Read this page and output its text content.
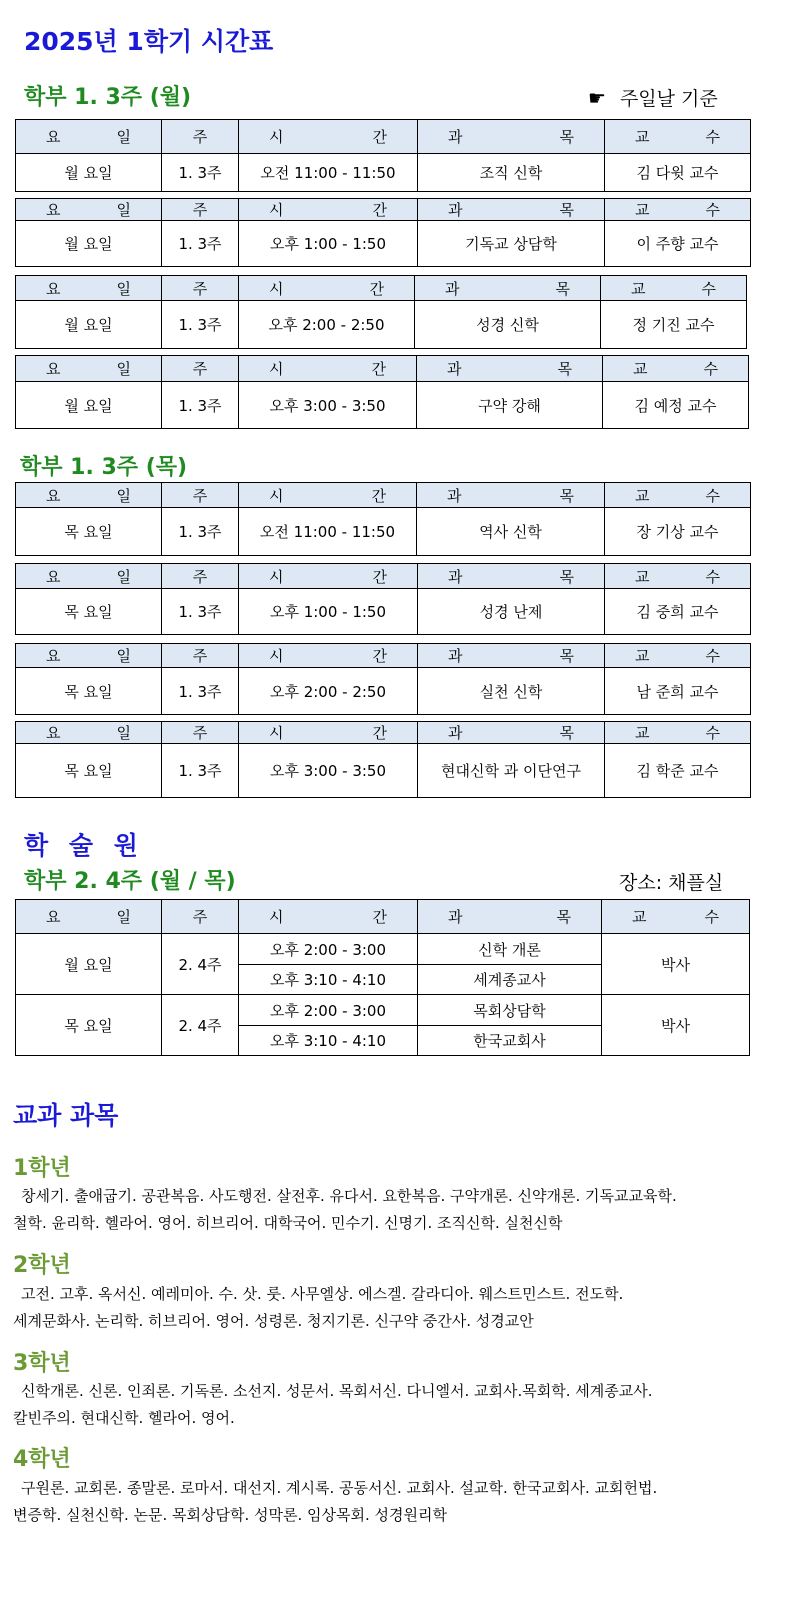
2025년 1학기 시간표
학부 1. 3주 (월)	☛ 주일날 기준
요 일	주	시 간	과 목	교 수

월 요일	1. 3주	오전 11:00 - 11:50	조직 신학	김 다윗 교수
요 일	주	시 간	과 목	교 수

월 요일	1. 3주	오후 1:00 - 1:50	기독교 상담학	이 주향 교수
요 일	주	시 간	과 목	교 수

월 요일	1. 3주	오후 2:00 - 2:50	성경 신학	정 기진 교수
요 일	주	시 간	과 목	교 수

월 요일	1. 3주	오후 3:00 - 3:50	구약 강해	김 예정 교수
학부 1. 3주 (목)
요 일	주	시 간	과 목	교 수

목 요일	1. 3주	오전 11:00 - 11:50	역사 신학	장 기상 교수
요 일	주	시 간	과 목	교 수

목 요일	1. 3주	오후 1:00 - 1:50	성경 난제	김 중희 교수
요 일	주	시 간	과 목	교 수

목 요일	1. 3주	오후 2:00 - 2:50	실천 신학	남 준희 교수
요 일	주	시 간	과 목	교 수

목 요일	1. 3주	오후 3:00 - 3:50	현대신학 과 이단연구	김 학준 교수
학 술 원
학부 2. 4주 (월 / 목)	장소: 채플실
요 일	주	시 간	과 목	교 수

월 요일	2. 4주	오후 2:00 - 3:00	신학 개론	박사
		오후 3:10 - 4:10	세계종교사	
목 요일	2. 4주	오후 2:00 - 3:00	목회상담학	박사
		오후 3:10 - 4:10	한국교회사	
교과 과목
1학년
창세기. 출애굽기. 공관복음. 사도행전. 살전후. 유다서. 요한복음. 구약개론. 신약개론. 기독교교육학.
철학. 윤리학. 헬라어. 영어. 히브리어. 대학국어. 민수기. 신명기. 조직신학. 실천신학
2학년
고전. 고후. 옥서신. 예레미아. 수. 삿. 룻. 사무엘상. 에스겔. 갈라디아. 웨스트민스트. 전도학.
세계문화사. 논리학. 히브리어. 영어. 성령론. 청지기론. 신구약 중간사. 성경교안
3학년
신학개론. 신론. 인죄론. 기독론. 소선지. 성문서. 목회서신. 다니엘서. 교회사.목회학. 세계종교사.
칼빈주의. 현대신학. 헬라어. 영어.
4학년
구원론. 교회론. 종말론. 로마서. 대선지. 계시록. 공동서신. 교회사. 설교학. 한국교회사. 교회헌법.
변증학. 실천신학. 논문. 목회상담학. 성막론. 임상목회. 성경원리학
